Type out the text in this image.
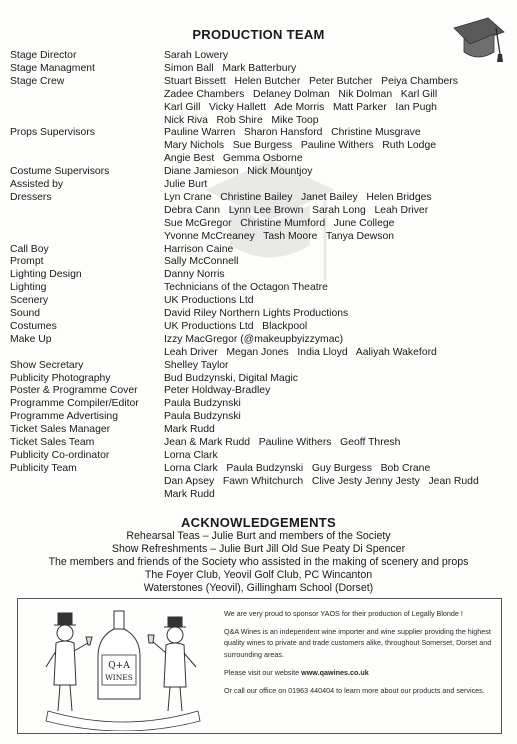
PRODUCTION TEAM
Stage Director	Sarah Lowery
Stage Managment	Simon Ball   Mark Batterbury
Stage Crew	Stuart Bissett   Helen Butcher   Peter Butcher   Peiya Chambers
Zadee Chambers   Delaney Dolman   Nik Dolman   Karl Gill
Karl Gill   Vicky Hallett   Ade Morris   Matt Parker   Ian Pugh
Nick Riva   Rob Shire   Mike Toop
Props Supervisors	Pauline Warren   Sharon Hansford   Christine Musgrave
Mary Nichols   Sue Burgess   Pauline Withers   Ruth Lodge
Angie Best   Gemma Osborne
Costume Supervisors	Diane Jamieson   Nick Mountjoy
Assisted by	Julie Burt
Dressers	Lyn Crane   Christine Bailey   Janet Bailey   Helen Bridges
Debra Cann   Lynn Lee Brown   Sarah Long   Leah Driver
Sue McGregor   Christine Mumford   June College
Yvonne McCreaney   Tash Moore   Tanya Dewson
Call Boy	Harrison Caine
Prompt	Sally McConnell
Lighting Design	Danny Norris
Lighting	Technicians of the Octagon Theatre
Scenery	UK Productions Ltd
Sound	David Riley Northern Lights Productions
Costumes	UK Productions Ltd   Blackpool
Make Up	Izzy MacGregor (@makeupbyizzymac)
Leah Driver   Megan Jones   India Lloyd   Aaliyah Wakeford
Show Secretary	Shelley Taylor
Publicity Photography	Bud Budzynski, Digital Magic
Poster & Programme Cover	Peter Holdway-Bradley
Programme Compiler/Editor	Paula Budzynski
Programme Advertising	Paula Budzynski
Ticket Sales Manager	Mark Rudd
Ticket Sales Team	Jean & Mark Rudd   Pauline Withers   Geoff Thresh
Publicity Co-ordinator	Lorna Clark
Publicity Team	Lorna Clark   Paula Budzynski   Guy Burgess   Bob Crane
Dan Apsey   Fawn Whitchurch   Clive Jesty Jenny Jesty   Jean Rudd
Mark Rudd
ACKNOWLEDGEMENTS
Rehearsal Teas – Julie Burt and members of the Society
Show Refreshments – Julie Burt Jill Old Sue Peaty Di Spencer
The members and friends of the Society who assisted in the making of scenery and props
The Foyer Club, Yeovil Golf Club, PC Wincanton
Waterstones (Yeovil), Gillingham School (Dorset)
Q+A
WINES

We are very proud to sponsor YAOS for their production of Legally Blonde !

Q&A Wines is an independent wine importer and wine supplier providing the highest quality wines to private and trade customers alike, throughout Somerset, Dorset and surrounding areas.

Please visit our website www.qawines.co.uk

Or call our office on 01963 440404 to learn more about our products and services.
